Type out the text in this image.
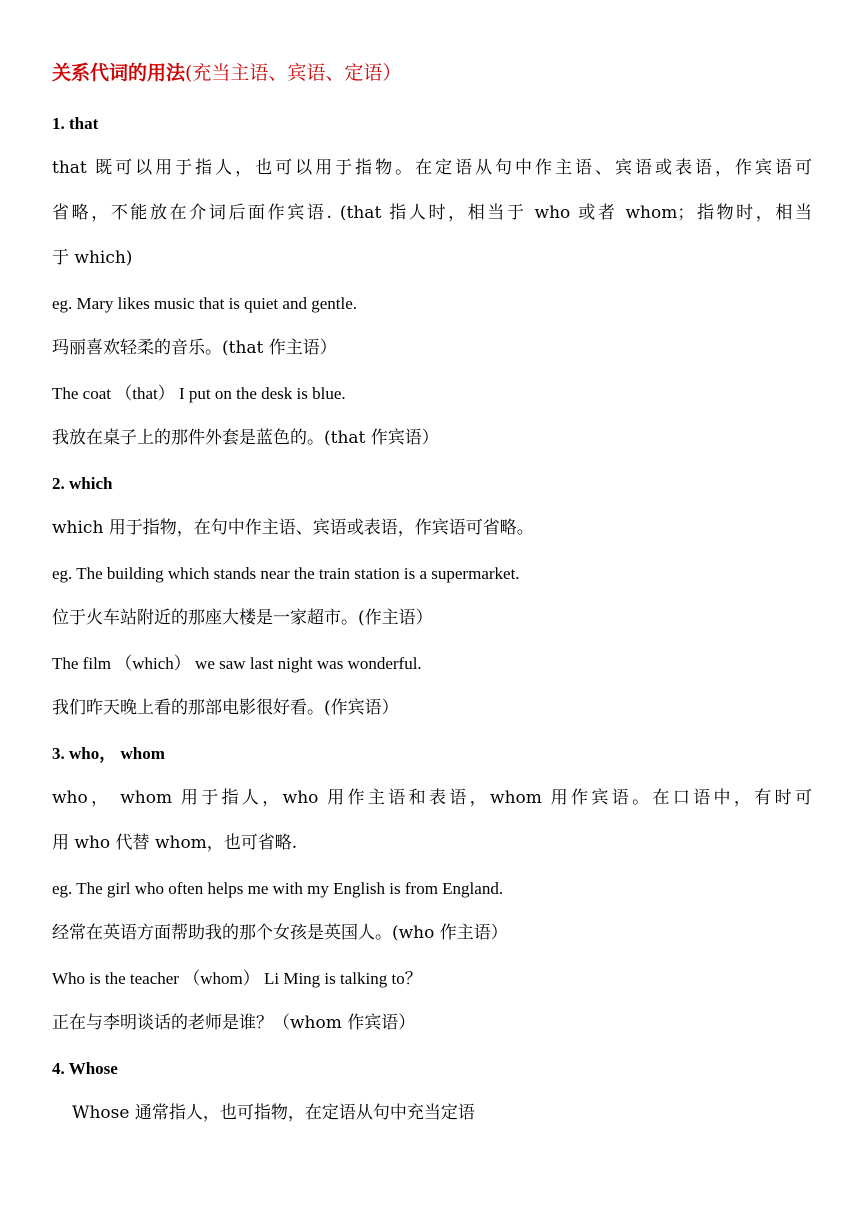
关系代词的用法(充当主语、宾语、定语）
1. that
that 既可以用于指人，也可以用于指物。在定语从句中作主语、宾语或表语，作宾语可
省略，不能放在介词后面作宾语. (that 指人时，相当于 who 或者 whom；指物时，相当
于 which)
eg. Mary likes music that is quiet and gentle.
玛丽喜欢轻柔的音乐。(that 作主语）
The coat （that） I put on the desk is blue.
我放在桌子上的那件外套是蓝色的。(that 作宾语）
2. which
which 用于指物，在句中作主语、宾语或表语，作宾语可省略。
eg. The building which stands near the train station is a supermarket.
位于火车站附近的那座大楼是一家超市。(作主语）
The film （which） we saw last night was wonderful.
我们昨天晚上看的那部电影很好看。(作宾语）
3. who， whom
who， whom 用于指人，who 用作主语和表语，whom 用作宾语。在口语中，有时可
用 who 代替 whom，也可省略.
eg. The girl who often helps me with my English is from England.
经常在英语方面帮助我的那个女孩是英国人。(who 作主语）
Who is the teacher （whom） Li Ming is talking to？
正在与李明谈话的老师是谁？（whom 作宾语）
4. Whose
Whose 通常指人，也可指物，在定语从句中充当定语
